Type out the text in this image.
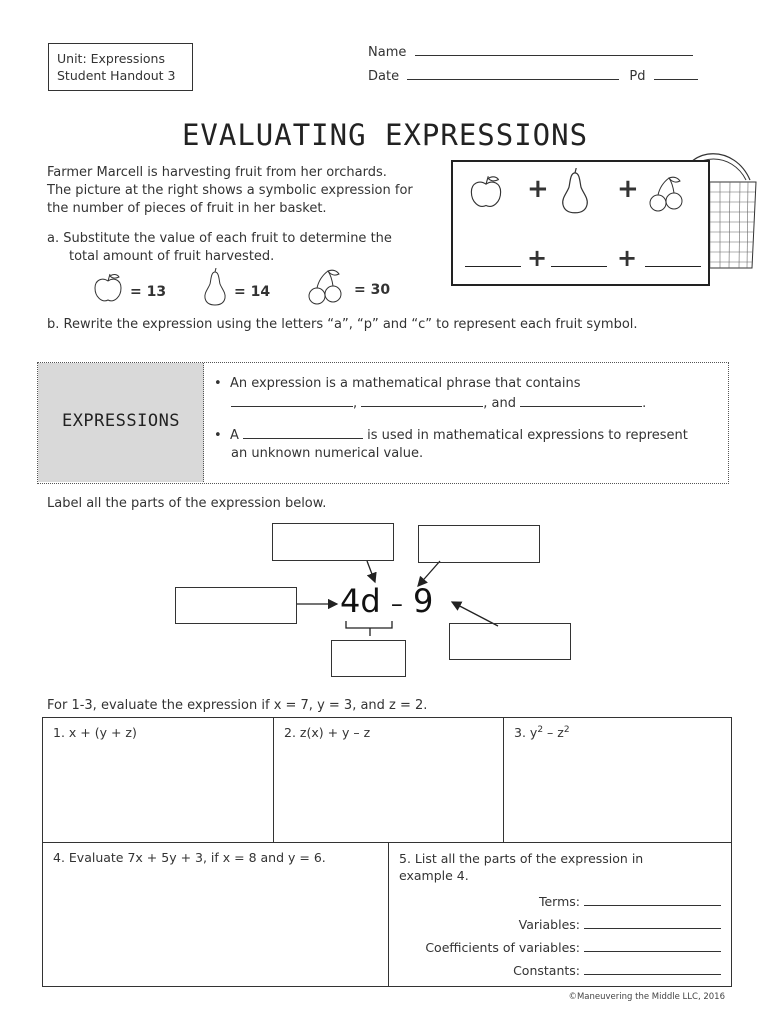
Unit: Expressions
Student Handout 3
Name
Date	Pd
EVALUATING EXPRESSIONS
Farmer Marcell is harvesting fruit from her orchards.
The picture at the right shows a symbolic expression for
the number of pieces of fruit in her basket.
a. Substitute the value of each fruit to determine the
total amount of fruit harvested.
= 13	= 14	= 30
+	+
+	+
b. Rewrite the expression using the letters “a”, “p” and “c” to represent each fruit symbol.
EXPRESSIONS
•  An expression is a mathematical phrase that contains
,	, and	.
•  A	is used in mathematical expressions to represent
an unknown numerical value.
Label all the parts of the expression below.
4d – 9
For 1-3, evaluate the expression if x = 7, y = 3, and z = 2.
1. x + (y + z)	2. z(x) + y – z	3. $y^2 - z^2$
4. Evaluate 7x + 5y + 3, if x = 8 and y = 6.	5. List all the parts of the expression in
example 4.
Terms:
Variables:
Coefficients of variables:
Constants:
©Maneuvering the Middle LLC, 2016
